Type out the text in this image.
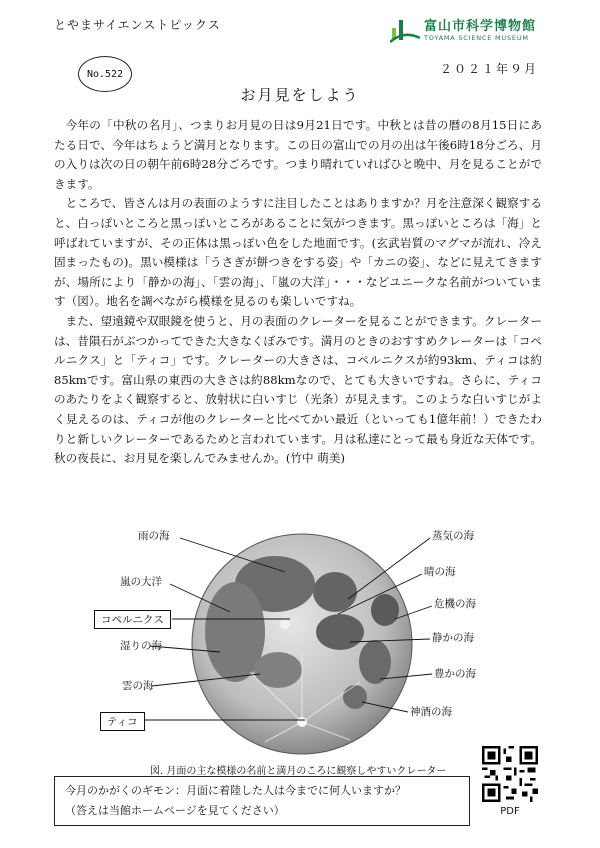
とやまサイエンストピックス	富山市科学博物館
TOYAMA SCIENCE MUSEUM
No.522	２０２１年９月
お月見をしよう

今年の「中秋の名月」、つまりお月見の日は9月21日です。中秋とは昔の暦の8月15日にあたる日で、今年はちょうど満月となります。この日の富山での月の出は午後6時18分ごろ、月の入りは次の日の朝午前6時28分ごろです。つまり晴れていればひと晩中、月を見ることができます。

ところで、皆さんは月の表面のようすに注目したことはありますか？月を注意深く観察すると、白っぽいところと黒っぽいところがあることに気がつきます。黒っぽいところは「海」と呼ばれていますが、その正体は黒っぽい色をした地面です。(玄武岩質のマグマが流れ、冷え固まったもの)。黒い模様は「うさぎが餅つきをする姿」や「カニの姿」、などに見えてきますが、場所により「静かの海」、「雲の海」、「嵐の大洋」・・・などユニークな名前がついています（図）。地名を調べながら模様を見るのも楽しいですね。

また、望遠鏡や双眼鏡を使うと、月の表面のクレーターを見ることができます。クレーターは、昔隕石がぶつかってできた大きなくぼみです。満月のときのおすすめクレーターは「コペルニクス」と「ティコ」です。クレーターの大きさは、コペルニクスが約93km、ティコは約85kmです。富山県の東西の大きさは約88kmなので、とても大きいですね。さらに、ティコのあたりをよく観察すると、放射状に白いすじ（光条）が見えます。このような白いすじがよく見えるのは、ティコが他のクレーターと比べてかい最近（といっても1億年前！）できたわりと新しいクレーターであるためと言われています。月は私達にとって最も身近な天体です。秋の夜長に、お月見を楽しんでみませんか。(竹中 萌美)

雨の海
嵐の大洋
コペルニクス
湿りの海
雲の海
ティコ
蒸気の海
晴の海
危機の海
静かの海
豊かの海
神酒の海
図. 月面の主な模様の名前と満月のころに観察しやすいクレーター
今月のかがくのギモン：月面に着陸した人は今までに何人いますか？
（答えは当館ホームページを見てください）	PDF
